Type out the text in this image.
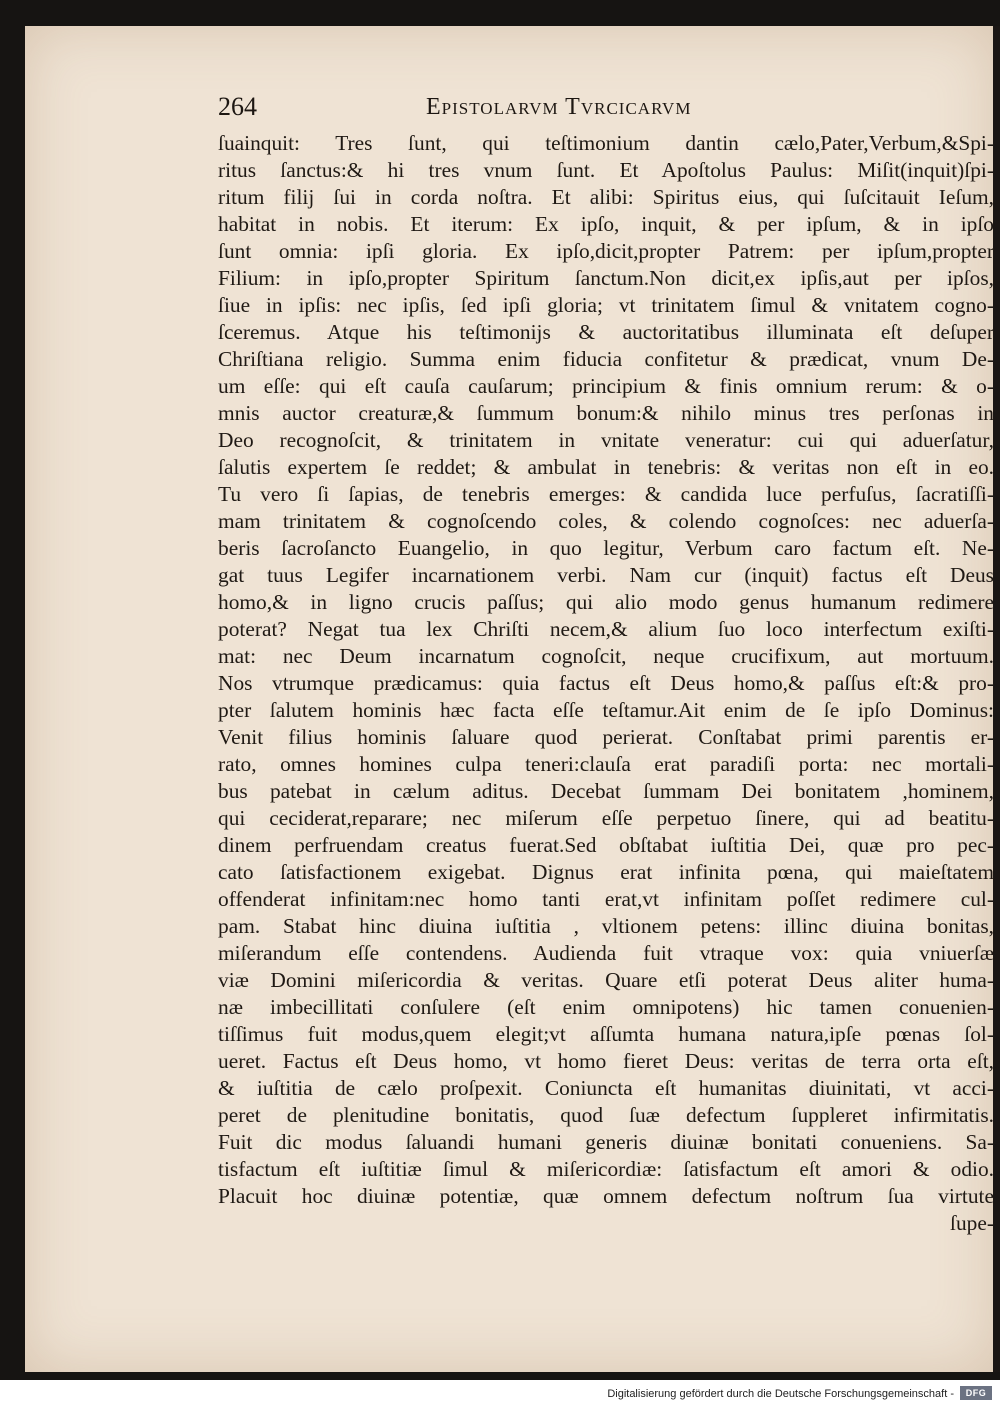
264	Epistolarvm Tvrcicarvm
ſuainquit: Tres ſunt, qui teſtimonium dantin cælo,Pater,Verbum,&Spi-
ritus ſanctus:& hi tres vnum ſunt. Et Apoſtolus Paulus: Miſit(inquit)ſpi-
ritum filij ſui in corda noſtra. Et alibi: Spiritus eius, qui ſuſcitauit Ieſum,
habitat in nobis. Et iterum: Ex ipſo, inquit, & per ipſum, & in ipſo
ſunt omnia: ipſi gloria. Ex ipſo,dicit,propter Patrem: per ipſum,propter
Filium: in ipſo,propter Spiritum ſanctum.Non dicit,ex ipſis,aut per ipſos,
ſiue in ipſis: nec ipſis, ſed ipſi gloria; vt trinitatem ſimul & vnitatem cogno-
ſceremus. Atque his teſtimonijs & auctoritatibus illuminata eſt deſuper
Chriſtiana religio. Summa enim fiducia confitetur & prædicat, vnum De-
um eſſe: qui eſt cauſa cauſarum; principium & finis omnium rerum: & o-
mnis auctor creaturæ,& ſummum bonum:& nihilo minus tres perſonas in
Deo recognoſcit, & trinitatem in vnitate veneratur: cui qui aduerſatur,
ſalutis expertem ſe reddet; & ambulat in tenebris: & veritas non eſt in eo.
Tu vero ſi ſapias, de tenebris emerges: & candida luce perfuſus, ſacratiſſi-
mam trinitatem & cognoſcendo coles, & colendo cognoſces: nec aduerſa-
beris ſacroſancto Euangelio, in quo legitur, Verbum caro factum eſt. Ne-
gat tuus Legifer incarnationem verbi. Nam cur (inquit) factus eſt Deus
homo,& in ligno crucis paſſus; qui alio modo genus humanum redimere
poterat? Negat tua lex Chriſti necem,& alium ſuo loco interfectum exiſti-
mat: nec Deum incarnatum cognoſcit, neque crucifixum, aut mortuum.
Nos vtrumque prædicamus: quia factus eſt Deus homo,& paſſus eſt:& pro-
pter ſalutem hominis hæc facta eſſe teſtamur.Ait enim de ſe ipſo Dominus:
Venit filius hominis ſaluare quod perierat. Conſtabat primi parentis er-
rato, omnes homines culpa teneri:clauſa erat paradiſi porta: nec mortali-
bus patebat in cælum aditus. Decebat ſummam Dei bonitatem ,hominem,
qui ceciderat,reparare; nec miſerum eſſe perpetuo ſinere, qui ad beatitu-
dinem perfruendam creatus fuerat.Sed obſtabat iuſtitia Dei, quæ pro pec-
cato ſatisfactionem exigebat. Dignus erat infinita pœna, qui maieſtatem
offenderat infinitam:nec homo tanti erat,vt infinitam poſſet redimere cul-
pam. Stabat hinc diuina iuſtitia , vltionem petens: illinc diuina bonitas,
miſerandum eſſe contendens. Audienda fuit vtraque vox: quia vniuerſæ
viæ Domini miſericordia & veritas. Quare etſi poterat Deus aliter huma-
næ imbecillitati conſulere (eſt enim omnipotens) hic tamen conuenien-
tiſſimus fuit modus,quem elegit;vt aſſumta humana natura,ipſe pœnas ſol-
ueret. Factus eſt Deus homo, vt homo fieret Deus: veritas de terra orta eſt,
& iuſtitia de cælo proſpexit. Coniuncta eſt humanitas diuinitati, vt acci-
peret de plenitudine bonitatis, quod ſuæ defectum ſuppleret infirmitatis.
Fuit dic modus ſaluandi humani generis diuinæ bonitati conueniens. Sa-
tisfactum eſt iuſtitiæ ſimul & miſericordiæ: ſatisfactum eſt amori & odio.
Placuit hoc diuinæ potentiæ, quæ omnem defectum noſtrum ſua virtute
ſupe-
Digitalisierung gefördert durch die Deutsche Forschungsgemeinschaft -	DFG
